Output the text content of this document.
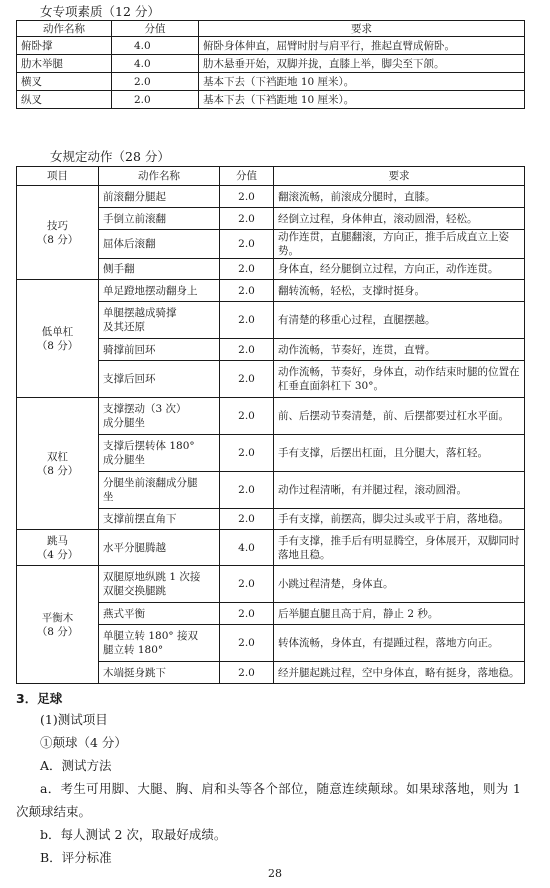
女专项素质（12 分）
动作名称	分值	要求
俯卧撑	4.0	俯卧身体伸直，屈臂时肘与肩平行，推起直臂成俯卧。
肋木举腿	4.0	肋木悬垂开始，双脚并拢，直膝上举，脚尖至下颌。
横叉	2.0	基本下去（下裆距地 10 厘米）。
纵叉	2.0	基本下去（下裆距地 10 厘米）。
女规定动作（28 分）
项目	动作名称	分值	要求
技巧
（8 分）	前滚翻分腿起	2.0	翻滚流畅，前滚成分腿时，直膝。
	手倒立前滚翻	2.0	经倒立过程，身体伸直，滚动圆滑，轻松。
	屈体后滚翻	2.0	动作连贯，直腿翻滚，方向正，推手后成直立上姿势。
	侧手翻	2.0	身体直，经分腿倒立过程，方向正，动作连贯。
低单杠
（8 分）	单足蹬地摆动翻身上	2.0	翻转流畅，轻松，支撑时挺身。
	单腿摆越成骑撑
及其还原	2.0	有清楚的移重心过程，直腿摆越。
	骑撑前回环	2.0	动作流畅，节奏好，连贯，直臂。
	支撑后回环	2.0	动作流畅，节奏好，身体直，动作结束时腿的位置在
杠垂直面斜杠下 30°。
双杠
（8 分）	支撑摆动（3 次）
成分腿坐	2.0	前、后摆动节奏清楚，前、后摆都要过杠水平面。
	支撑后摆转体 180°
成分腿坐	2.0	手有支撑，后摆出杠面，且分腿大，落杠轻。
	分腿坐前滚翻成分腿
坐	2.0	动作过程清晰，有并腿过程，滚动圆滑。
	支撑前摆直角下	2.0	手有支撑，前摆高，脚尖过头或平于肩，落地稳。
跳马
（4 分）	水平分腿腾越	4.0	手有支撑，推手后有明显腾空，身体展开，双脚同时
落地且稳。
平衡木
（8 分）	双腿原地纵跳 1 次接
双腿交换腿跳	2.0	小跳过程清楚，身体直。
	燕式平衡	2.0	后举腿直腿且高于肩，静止 2 秒。
	单腿立转 180° 接双
腿立转 180°	2.0	转体流畅，身体直，有提踵过程，落地方向正。
	木端挺身跳下	2.0	经并腿起跳过程，空中身体直，略有挺身，落地稳。
3．足球
(1)测试项目
①颠球（4 分）
A．测试方法
a．考生可用脚、大腿、胸、肩和头等各个部位，随意连续颠球。如果球落地，则为 1
次颠球结束。
b．每人测试 2 次，取最好成绩。
B．评分标准
28
